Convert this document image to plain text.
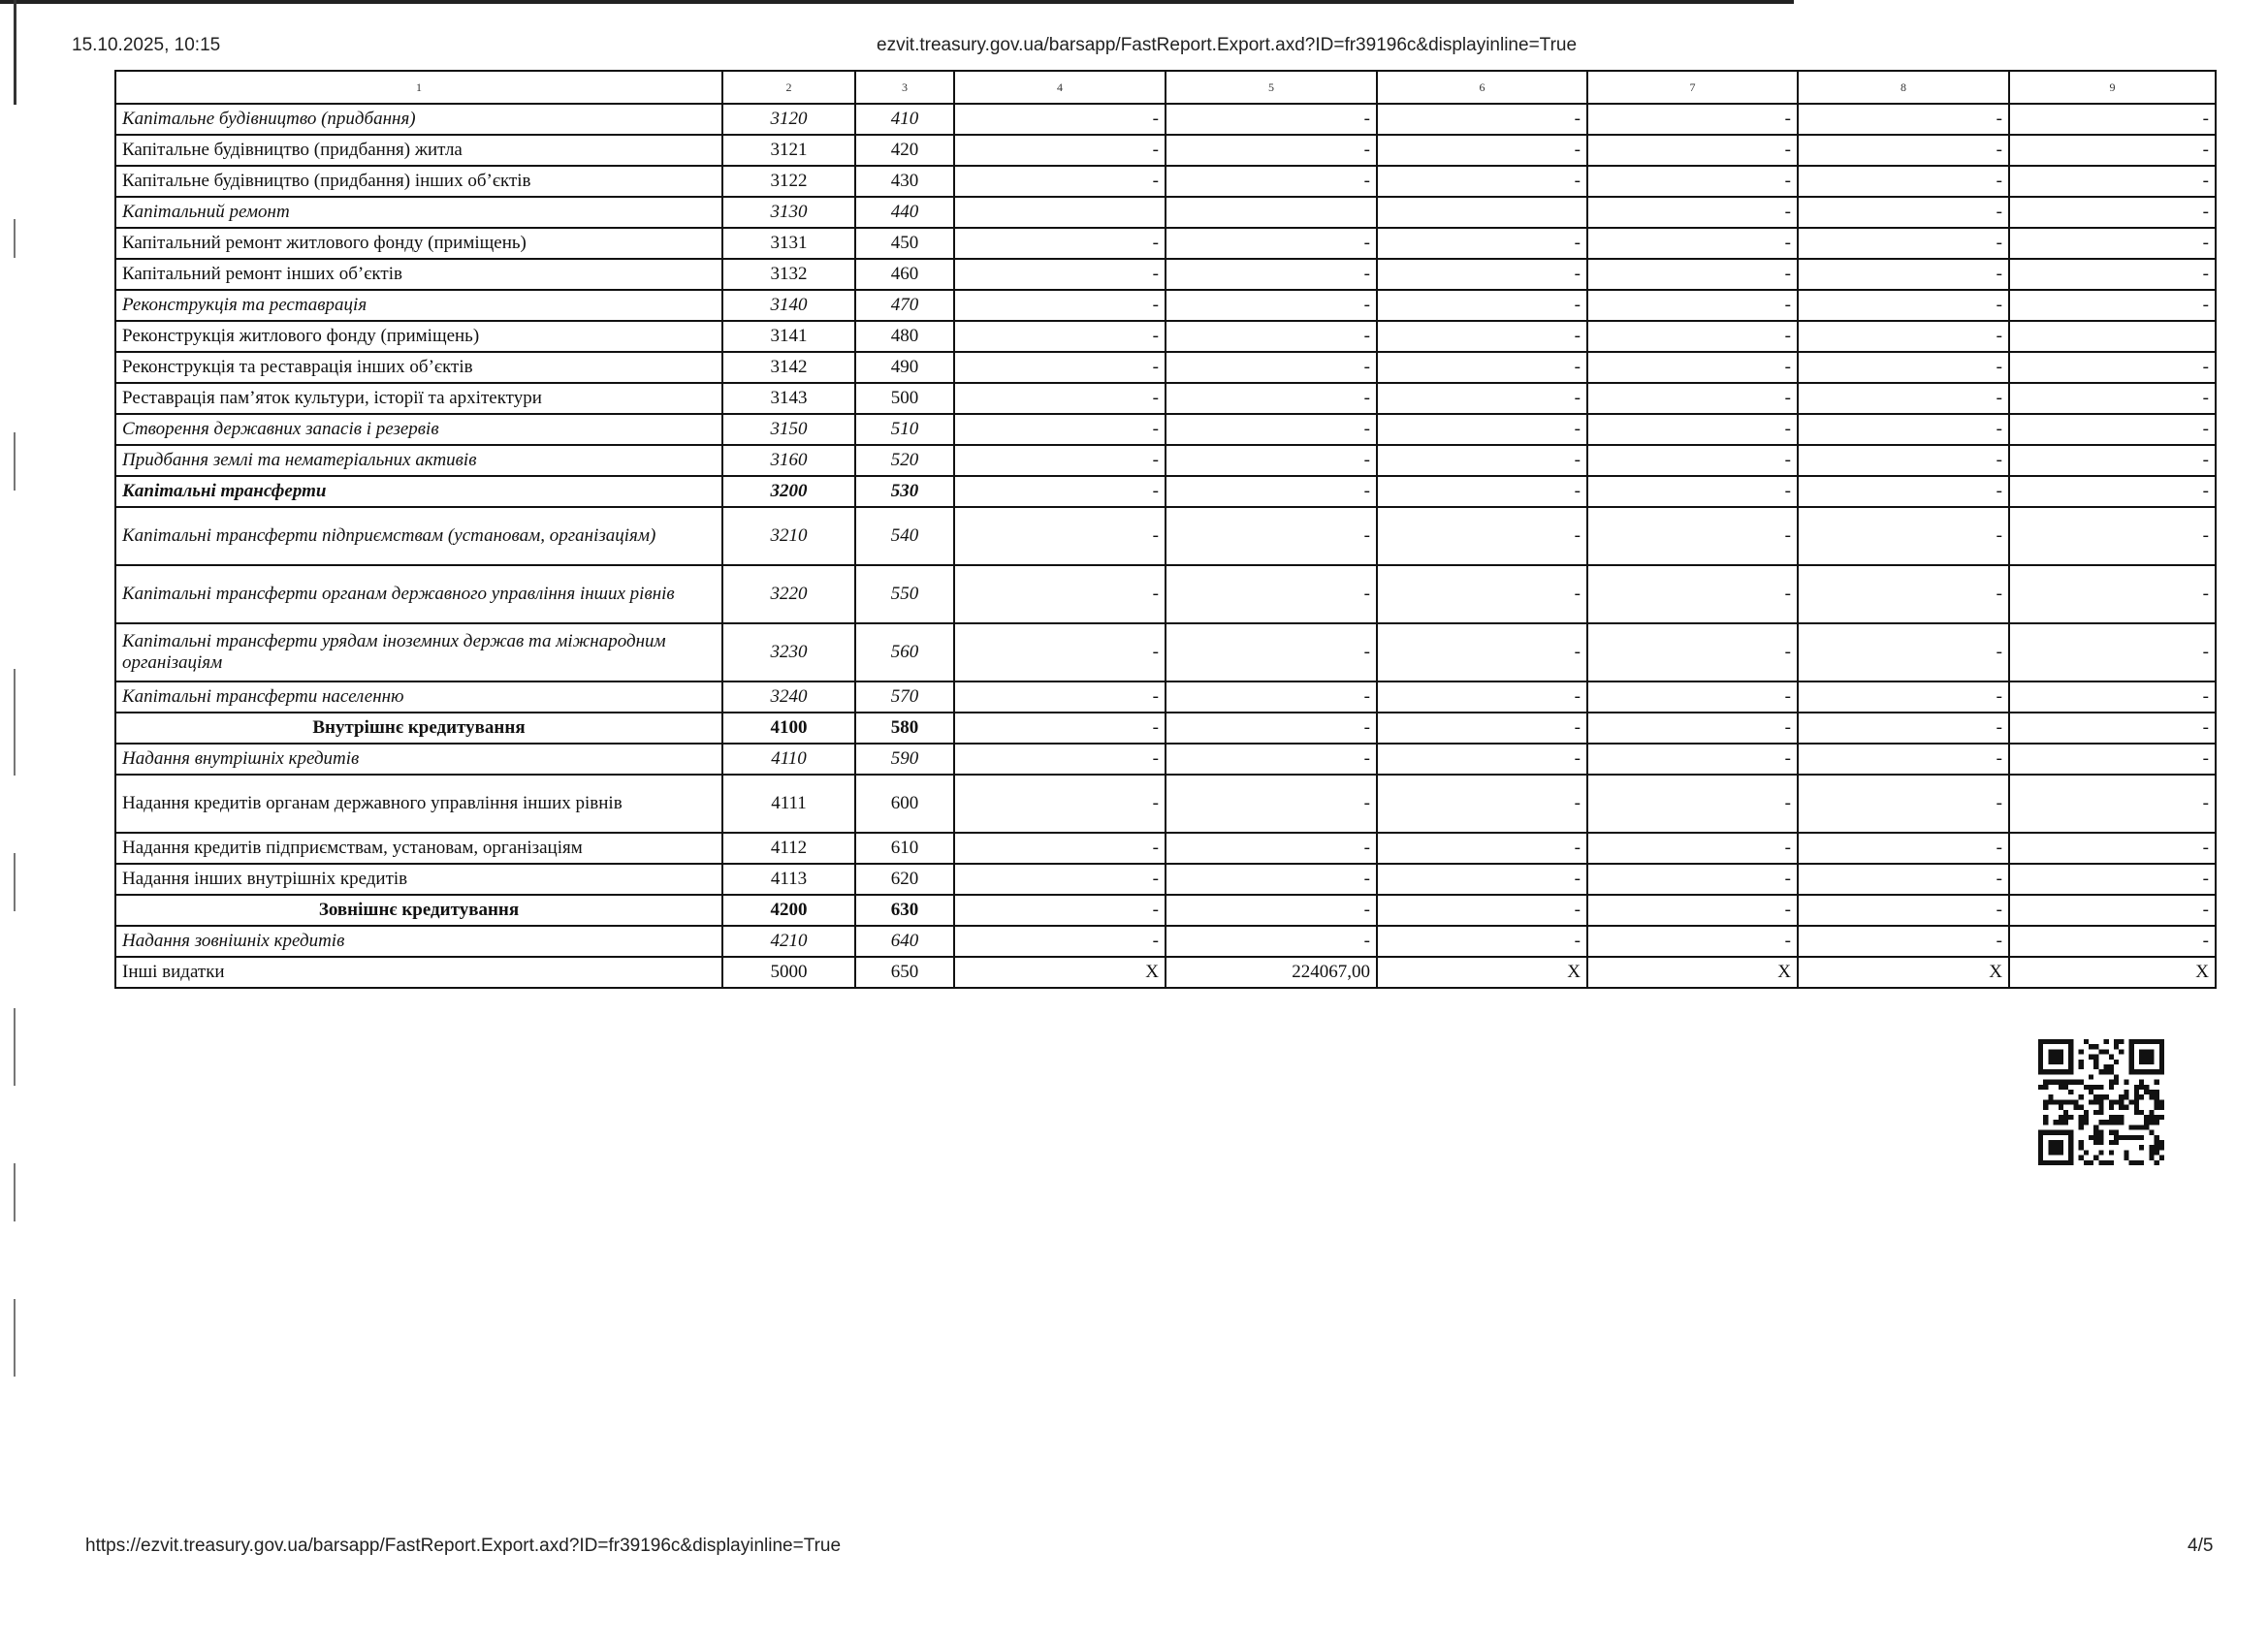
15.10.2025, 10:15	ezvit.treasury.gov.ua/barsapp/FastReport.Export.axd?ID=fr39196c&displayinline=True
1	2	3	4	5	6	7	8	9
Капітальне будівництво (придбання)	3120	410	-	-	-	-	-	-
Капітальне будівництво (придбання) житла	3121	420	-	-	-	-	-	-
Капітальне будівництво (придбання) інших об’єктів	3122	430	-	-	-	-	-	-
Капітальний ремонт	3130	440				-	-	-
Капітальний ремонт житлового фонду (приміщень)	3131	450	-	-	-	-	-	-
Капітальний ремонт інших об’єктів	3132	460	-	-	-	-	-	-
Реконструкція та реставрація	3140	470	-	-	-	-	-	-
Реконструкція житлового фонду (приміщень)	3141	480	-	-	-	-	-	
Реконструкція та реставрація інших об’єктів	3142	490	-	-	-	-	-	-
Реставрація пам’яток культури, історії та архітектури	3143	500	-	-	-	-	-	-
Створення державних запасів і резервів	3150	510	-	-	-	-	-	-
Придбання землі та нематеріальних активів	3160	520	-	-	-	-	-	-
Капітальні трансферти	3200	530	-	-	-	-	-	-
Капітальні трансферти підприємствам (установам, організаціям)	3210	540	-	-	-	-	-	-
Капітальні трансферти органам державного управління інших рівнів	3220	550	-	-	-	-	-	-
Капітальні трансферти урядам іноземних держав та міжнародним організаціям	3230	560	-	-	-	-	-	-
Капітальні трансферти населенню	3240	570	-	-	-	-	-	-
Внутрішнє кредитування	4100	580	-	-	-	-	-	-
Надання внутрішніх кредитів	4110	590	-	-	-	-	-	-
Надання кредитів органам державного управління інших рівнів	4111	600	-	-	-	-	-	-
Надання кредитів підприємствам, установам, організаціям	4112	610	-	-	-	-	-	-
Надання інших внутрішніх кредитів	4113	620	-	-	-	-	-	-
Зовнішнє кредитування	4200	630	-	-	-	-	-	-
Надання зовнішніх кредитів	4210	640	-	-	-	-	-	-
Інші видатки	5000	650	X	224067,00	X	X	X	X
https://ezvit.treasury.gov.ua/barsapp/FastReport.Export.axd?ID=fr39196c&displayinline=True	4/5
